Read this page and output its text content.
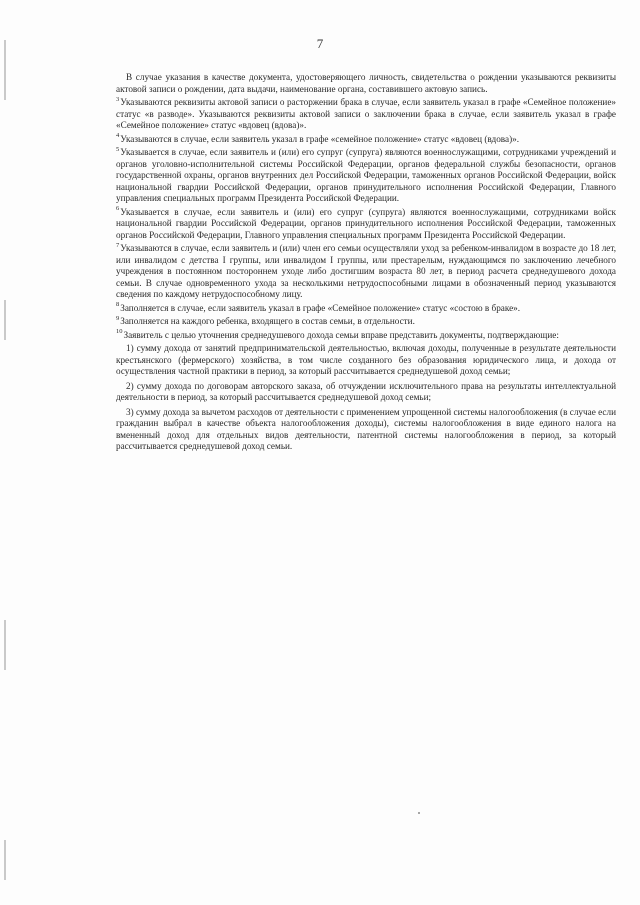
7
В случае указания в качестве документа, удостоверяющего личность, свидетельства о рождении указываются реквизиты актовой записи о рождении, дата выдачи, наименование органа, составившего актовую запись.
$^3$Указываются реквизиты актовой записи о расторжении брака в случае, если заявитель указал в графе «Семейное положение» статус «в разводе». Указываются реквизиты актовой записи о заключении брака в случае, если заявитель указал в графе «Семейное положение» статус «вдовец (вдова)».
$^4$Указываются в случае, если заявитель указал в графе «семейное положение» статус «вдовец (вдова)».
$^5$Указывается в случае, если заявитель и (или) его супруг (супруга) являются военнослужащими, сотрудниками учреждений и органов уголовно-исполнительной системы Российской Федерации, органов федеральной службы безопасности, органов государственной охраны, органов внутренних дел Российской Федерации, таможенных органов Российской Федерации, войск национальной гвардии Российской Федерации, органов принудительного исполнения Российской Федерации, Главного управления специальных программ Президента Российской Федерации.
$^6$Указывается в случае, если заявитель и (или) его супруг (супруга) являются военнослужащими, сотрудниками войск национальной гвардии Российской Федерации, органов принудительного исполнения Российской Федерации, таможенных органов Российской Федерации, Главного управления специальных программ Президента Российской Федерации.
$^7$Указываются в случае, если заявитель и (или) член его семьи осуществляли уход за ребенком-инвалидом в возрасте до 18 лет, или инвалидом с детства I группы, или инвалидом I группы, или престарелым, нуждающимся по заключению лечебного учреждения в постоянном постороннем уходе либо достигшим возраста 80 лет, в период расчета среднедушевого дохода семьи. В случае одновременного ухода за несколькими нетрудоспособными лицами в обозначенный период указываются сведения по каждому нетрудоспособному лицу.
$^8$Заполняется в случае, если заявитель указал в графе «Семейное положение» статус «состою в браке».
$^9$Заполняется на каждого ребенка, входящего в состав семьи, в отдельности.
$^{10}$Заявитель с целью уточнения среднедушевого дохода семьи вправе представить документы, подтверждающие:
1) сумму дохода от занятий предпринимательской деятельностью, включая доходы, полученные в результате деятельности крестьянского (фермерского) хозяйства, в том числе созданного без образования юридического лица, и дохода от осуществления частной практики в период, за который рассчитывается среднедушевой доход семьи;
2) сумму дохода по договорам авторского заказа, об отчуждении исключительного права на результаты интеллектуальной деятельности в период, за который рассчитывается среднедушевой доход семьи;
3) сумму дохода за вычетом расходов от деятельности с применением упрощенной системы налогообложения (в случае если гражданин выбрал в качестве объекта налогообложения доходы), системы налогообложения в виде единого налога на вмененный доход для отдельных видов деятельности, патентной системы налогообложения в период, за который рассчитывается среднедушевой доход семьи.
